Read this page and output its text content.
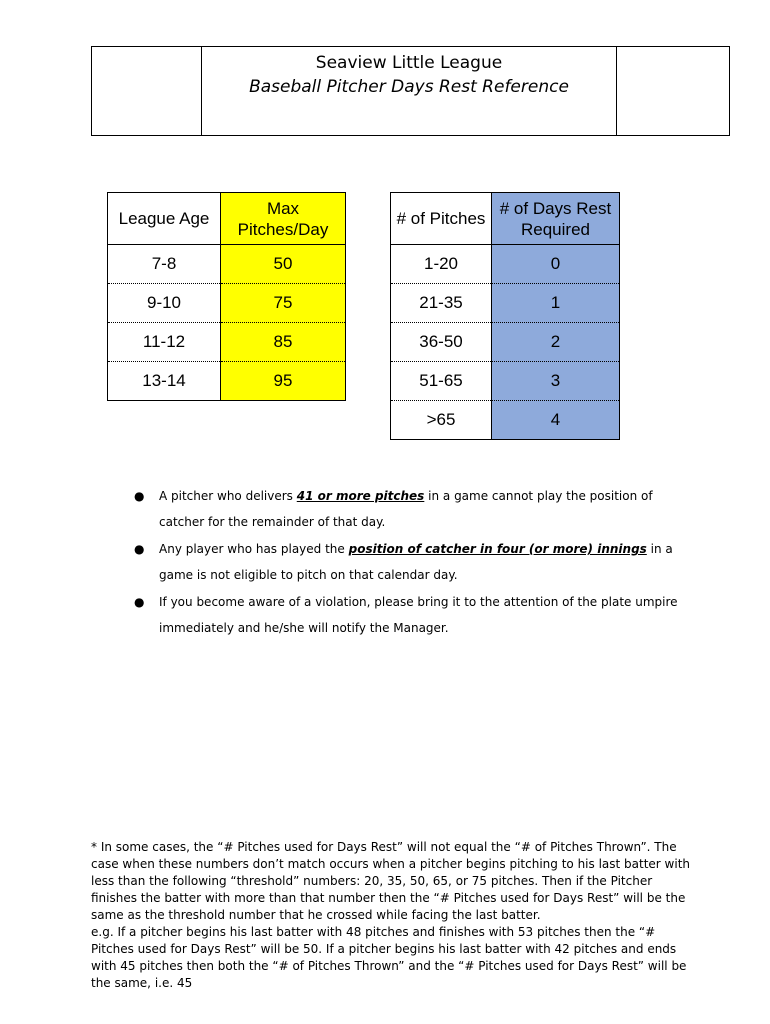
Seaview Little League
Baseball Pitcher Days Rest Reference
League Age	Max Pitches/Day
7-8	50
9-10	75
11-12	85
13-14	95
# of Pitches	# of Days Rest Required
1-20	0
21-35	1
36-50	2
51-65	3
>65	4
● A pitcher who delivers 41 or more pitches in a game cannot play the position of catcher for the remainder of that day.
● Any player who has played the position of catcher in four (or more) innings in a game is not eligible to pitch on that calendar day.
● If you become aware of a violation, please bring it to the attention of the plate umpire immediately and he/she will notify the Manager.

* In some cases, the “# Pitches used for Days Rest” will not equal the “# of Pitches Thrown”. The case when these numbers don’t match occurs when a pitcher begins pitching to his last batter with less than the following “threshold” numbers: 20, 35, 50, 65, or 75 pitches. Then if the Pitcher finishes the batter with more than that number then the “# Pitches used for Days Rest” will be the same as the threshold number that he crossed while facing the last batter.

e.g. If a pitcher begins his last batter with 48 pitches and finishes with 53 pitches then the “# Pitches used for Days Rest” will be 50. If a pitcher begins his last batter with 42 pitches and ends with 45 pitches then both the “# of Pitches Thrown” and the “# Pitches used for Days Rest” will be the same, i.e. 45
